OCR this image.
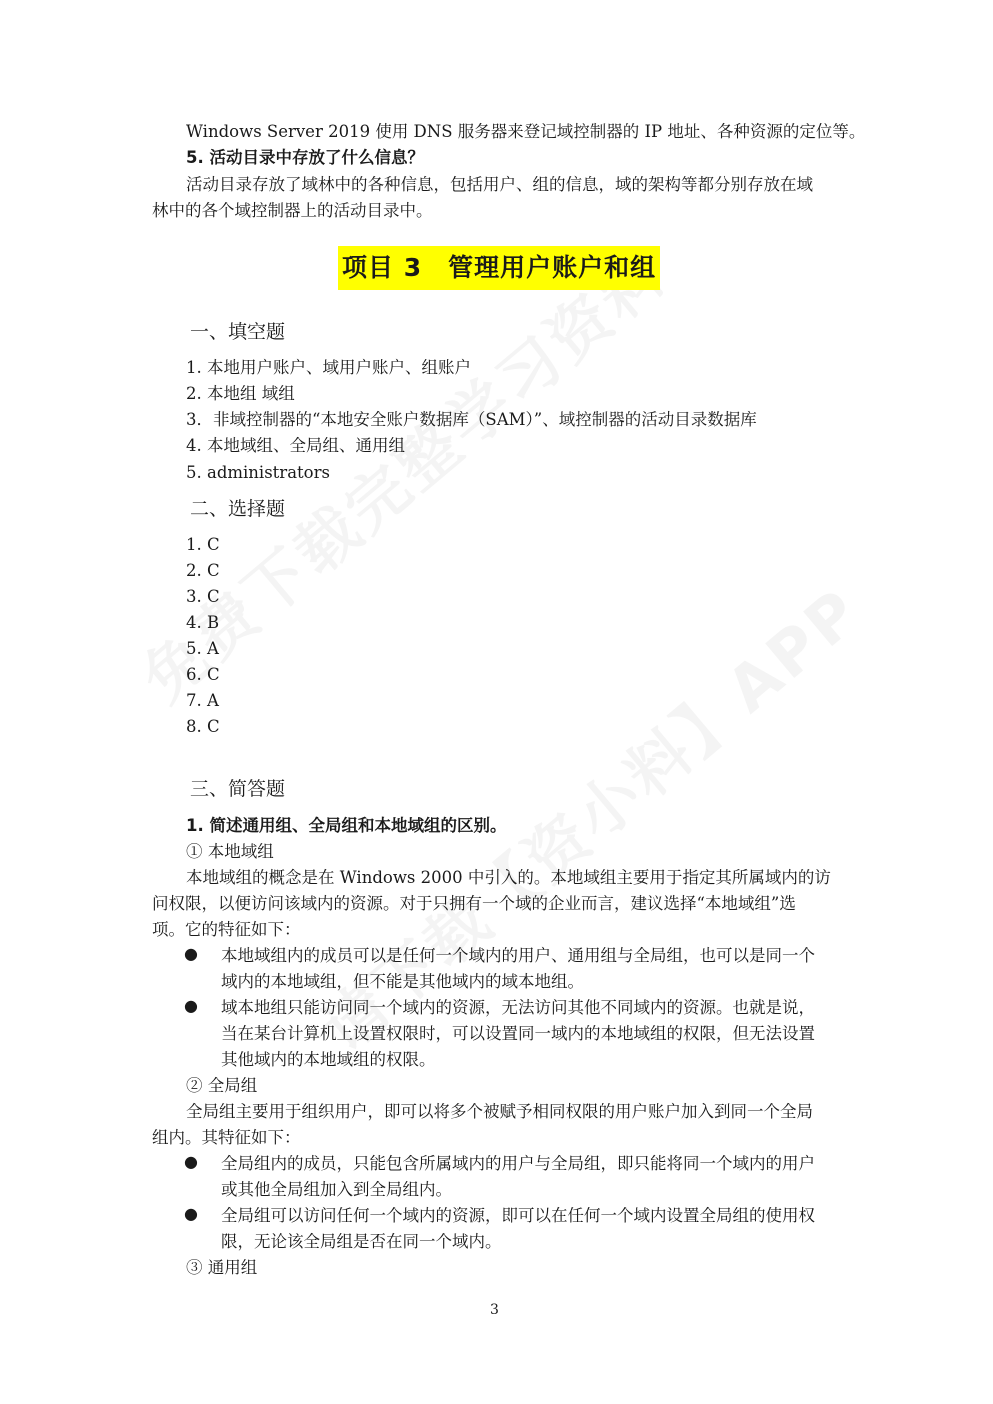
Windows Server 2019 使用 DNS 服务器来登记域控制器的 IP 地址、各种资源的定位等。
5. 活动目录中存放了什么信息？
活动目录存放了域林中的各种信息，包括用户、组的信息，域的架构等都分别存放在域
林中的各个域控制器上的活动目录中。
项目 3　管理用户账户和组
一、填空题
1. 本地用户账户、域用户账户、组账户
2. 本地组 域组
3．非域控制器的“本地安全账户数据库（SAM）”、域控制器的活动目录数据库
4. 本地域组、全局组、通用组
5. administrators
二、选择题
1. C
2. C
3. C
4. B
5. A
6. C
7. A
8. C
三、简答题
1. 简述通用组、全局组和本地域组的区别。
① 本地域组
本地域组的概念是在 Windows 2000 中引入的。本地域组主要用于指定其所属域内的访
问权限，以便访问该域内的资源。对于只拥有一个域的企业而言，建议选择“本地域组”选
项。它的特征如下：
● 本地域组内的成员可以是任何一个域内的用户、通用组与全局组，也可以是同一个
域内的本地域组，但不能是其他域内的域本地组。
● 域本地组只能访问同一个域内的资源，无法访问其他不同域内的资源。也就是说，
当在某台计算机上设置权限时，可以设置同一域内的本地域组的权限，但无法设置
其他域内的本地域组的权限。
② 全局组
全局组主要用于组织用户，即可以将多个被赋予相同权限的用户账户加入到同一个全局
组内。其特征如下：
● 全局组内的成员，只能包含所属域内的用户与全局组，即只能将同一个域内的用户
或其他全局组加入到全局组内。
● 全局组可以访问任何一个域内的资源，即可以在任何一个域内设置全局组的使用权
限，无论该全局组是否在同一个域内。
③ 通用组
3
